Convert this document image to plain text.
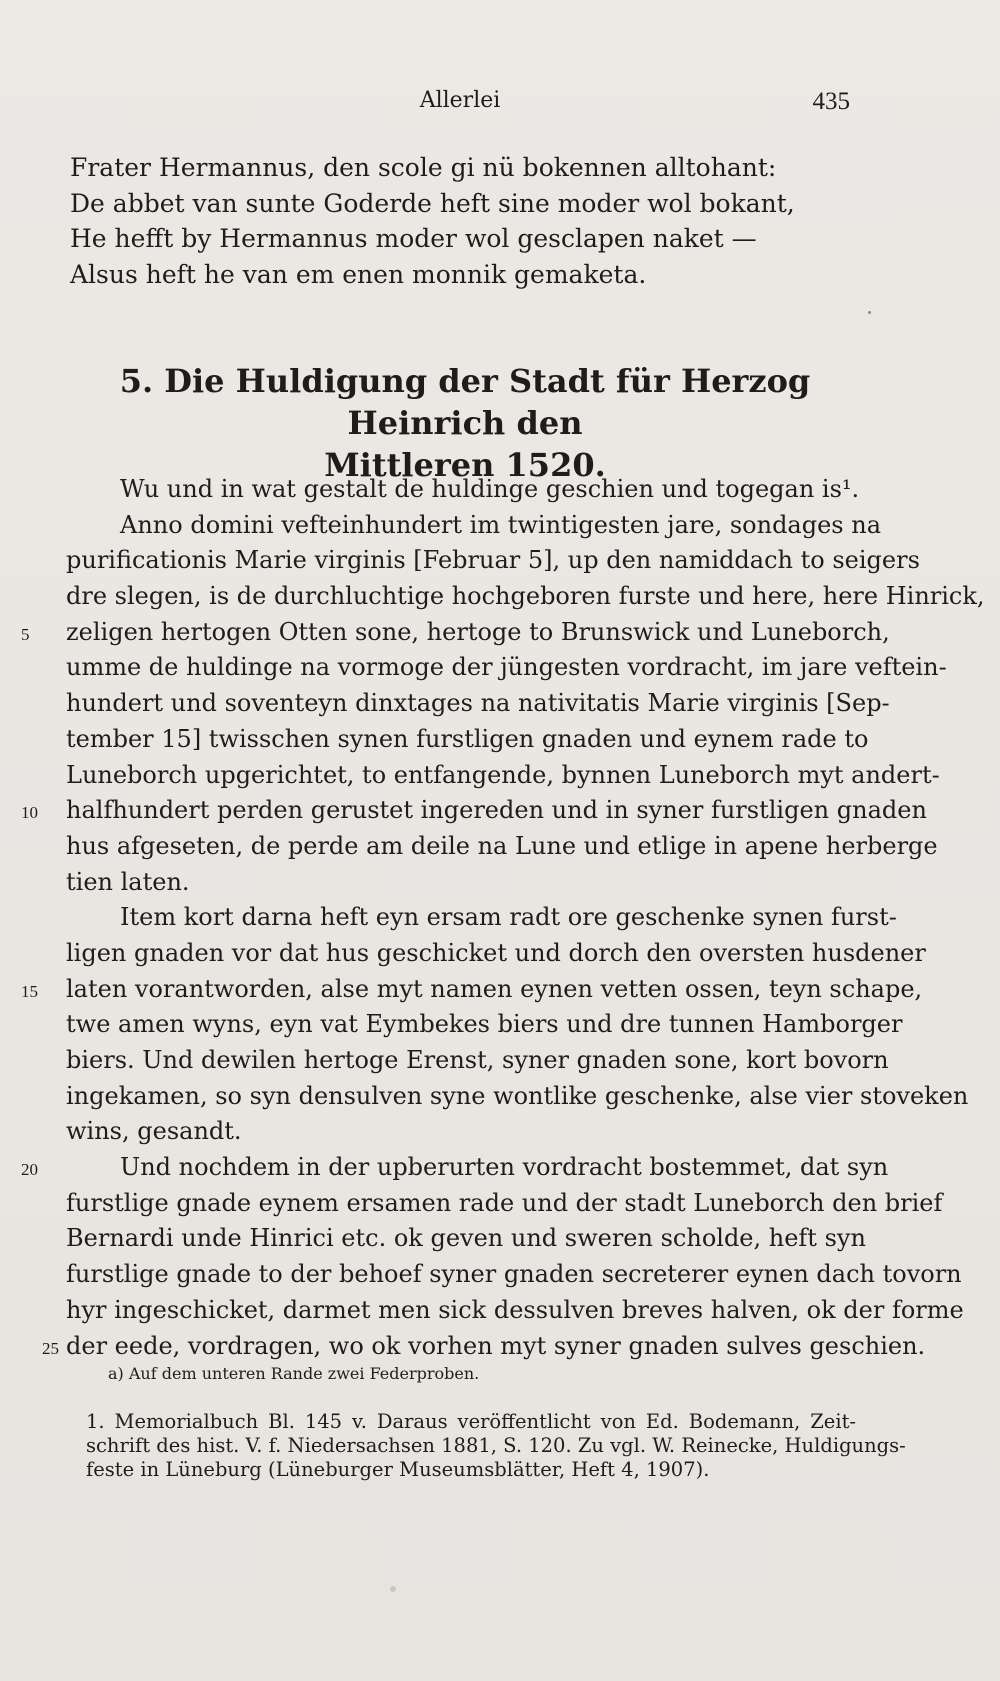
Allerlei	435
Frater Hermannus, den scole gi nü bokennen alltohant:
De abbet van sunte Goderde heft sine moder wol bokant,
He hefft by Hermannus moder wol gesclapen naket —
Alsus heft he van em enen monnik gemaketa.
5. Die Huldigung der Stadt für Herzog Heinrich den
Mittleren 1520.
Wu und in wat gestalt de huldinge geschien und togegan is¹.
Anno domini vefteinhundert im twintigesten jare, sondages na
purificationis Marie virginis [Februar 5], up den namiddach to seigers
dre slegen, is de durchluchtige hochgeboren furste und here, here Hinrick,
5	zeligen hertogen Otten sone, hertoge to Brunswick und Luneborch,
umme de huldinge na vormoge der jüngesten vordracht, im jare veftein-
hundert und soventeyn dinxtages na nativitatis Marie virginis [Sep-
tember 15] twisschen synen furstligen gnaden und eynem rade to
Luneborch upgerichtet, to entfangende, bynnen Luneborch myt andert-
10	halfhundert perden gerustet ingereden und in syner furstligen gnaden
hus afgeseten, de perde am deile na Lune und etlige in apene herberge
tien laten.
Item kort darna heft eyn ersam radt ore geschenke synen furst-
ligen gnaden vor dat hus geschicket und dorch den oversten husdener
15	laten vorantworden, alse myt namen eynen vetten ossen, teyn schape,
twe amen wyns, eyn vat Eymbekes biers und dre tunnen Hamborger
biers. Und dewilen hertoge Erenst, syner gnaden sone, kort bovorn
ingekamen, so syn densulven syne wontlike geschenke, alse vier stoveken
wins, gesandt.
20	Und nochdem in der upberurten vordracht bostemmet, dat syn
furstlige gnade eynem ersamen rade und der stadt Luneborch den brief
Bernardi unde Hinrici etc. ok geven und sweren scholde, heft syn
furstlige gnade to der behoef syner gnaden secreterer eynen dach tovorn
hyr ingeschicket, darmet men sick dessulven breves halven, ok der forme
25 der eede, vordragen, wo ok vorhen myt syner gnaden sulves geschien.
a) Auf dem unteren Rande zwei Federproben.
1. Memorialbuch Bl. 145 v. Daraus veröffentlicht von Ed. Bodemann, Zeit-
schrift des hist. V. f. Niedersachsen 1881, S. 120. Zu vgl. W. Reinecke, Huldigungs-
feste in Lüneburg (Lüneburger Museumsblätter, Heft 4, 1907).
